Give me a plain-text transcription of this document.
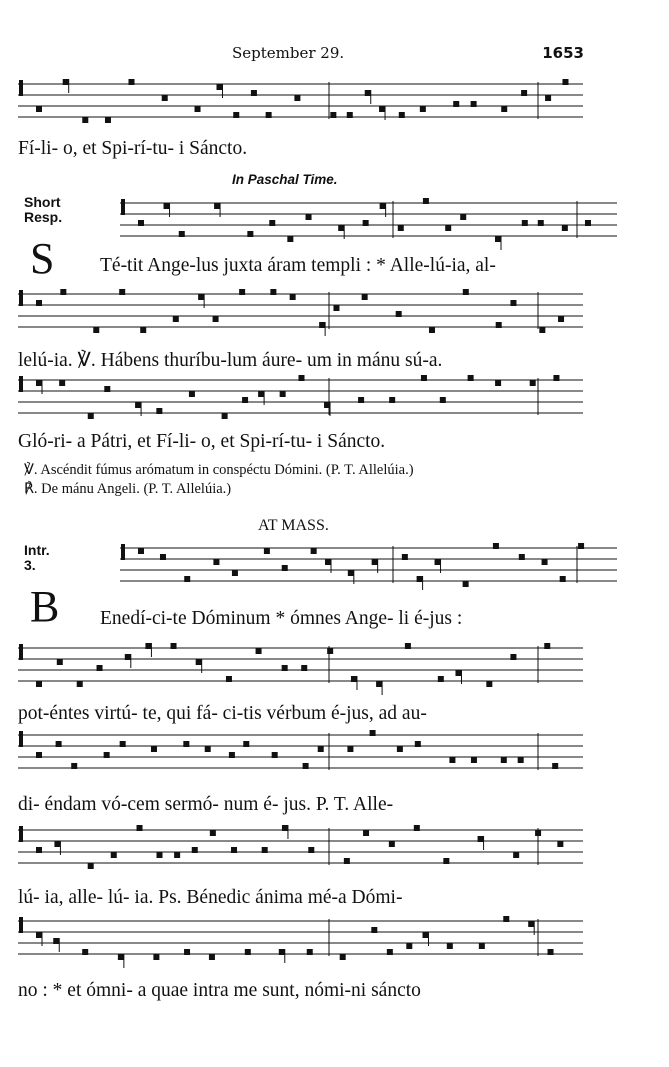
September 29.	1653
Fí-li- o, et Spi-rí-tu- i Sáncto.
In Paschal Time.
Short
Resp.
S Té-tit Ange-lus juxta áram templi : * Alle-lú-ia, al-
lelú-ia. ℣. Hábens thuríbu-lum áure- um in mánu sú-a.
Gló-ri- a Pátri, et Fí-li- o, et Spi-rí-tu- i Sáncto.
℣. Ascéndit fúmus arómatum in conspéctu Dómini. (P. T. Allelúia.)
℟. De mánu Angeli. (P. T. Allelúia.)
AT MASS.
Intr.
3.
B Enedí-ci-te Dóminum * ómnes Ange- li é-jus :
pot-éntes virtú- te, qui fá- ci-tis vérbum é-jus, ad au-
di- éndam vó-cem sermó- num é- jus. P. T. Alle-
lú- ia, alle- lú- ia. Ps. Bénedic ánima mé-a Dómi-
no : * et ómni- a quae intra me sunt, nómi-ni sáncto
